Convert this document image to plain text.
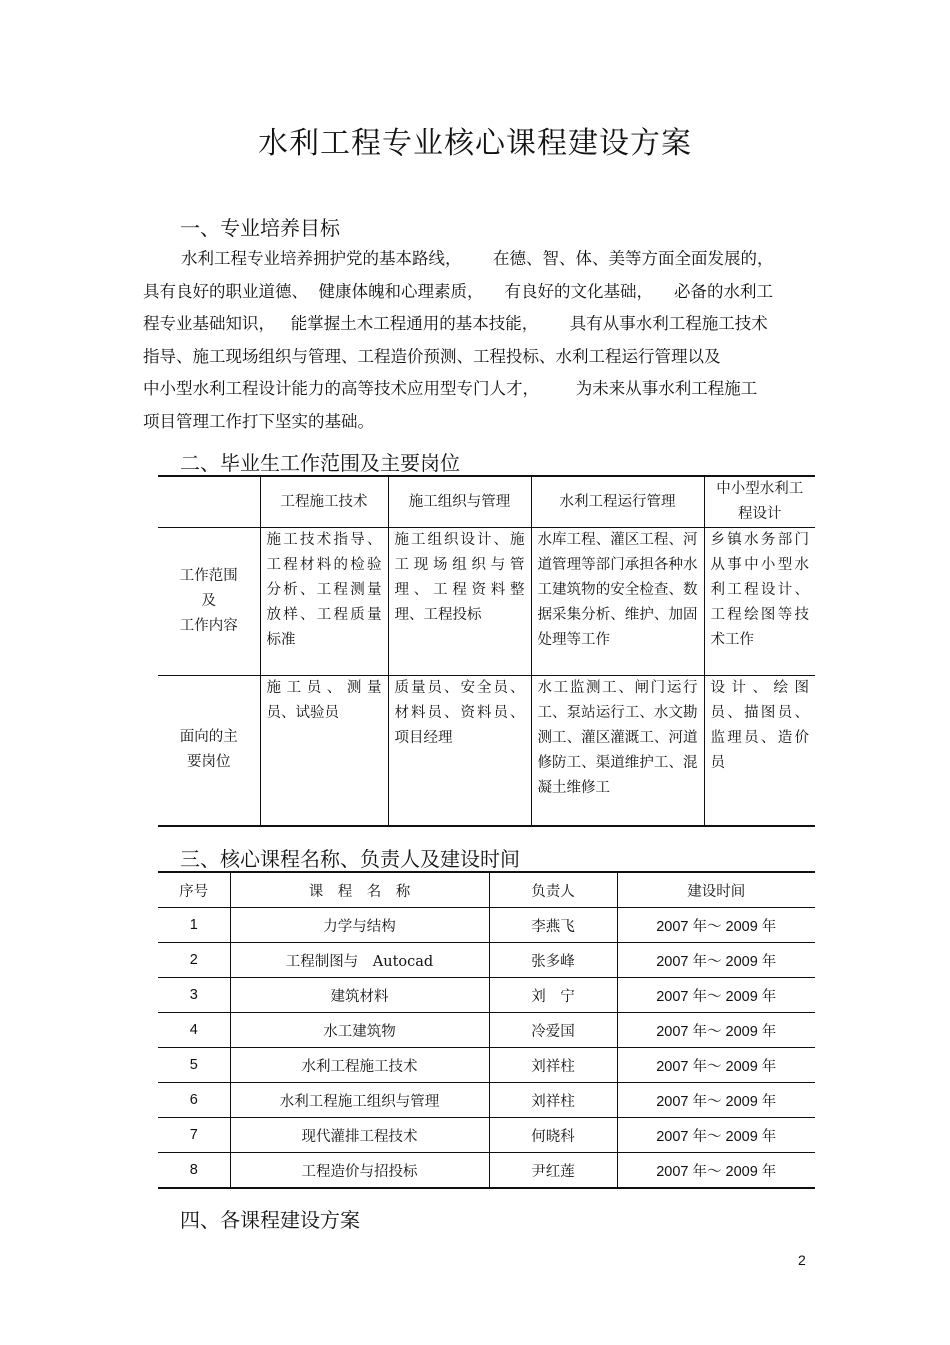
水利工程专业核心课程建设方案
一、专业培养目标
水利工程专业培养拥护党的基本路线，      在德、智、体、美等方面全面发展的，
具有良好的职业道德、  健康体魄和心理素质，    有良好的文化基础，    必备的水利工
程专业基础知识，   能掌握土木工程通用的基本技能，      具有从事水利工程施工技术
指导、施工现场组织与管理、工程造价预测、工程投标、水利工程运行管理以及
中小型水利工程设计能力的高等技术应用型专门人才，       为未来从事水利工程施工
项目管理工作打下坚实的基础。
二、毕业生工作范围及主要岗位
	工程施工技术	施工组织与管理	水利工程运行管理	中小型水利工程设计
工作范围
及
工作内容	施工技术指导、工程材料的检验分析、工程测量放样、工程质量标准	施工组织设计、施工现场组织与管理、工程资料整理、工程投标	水库工程、灌区工程、河道管理等部门承担各种水工建筑物的安全检查、数据采集分析、维护、加固处理等工作	乡镇水务部门从事中小型水利工程设计、工程绘图等技术工作
面向的主
要岗位	施工员、测量员、试验员	质量员、安全员、材料员、资料员、项目经理	水工监测工、闸门运行工、泵站运行工、水文勘测工、灌区灌溉工、河道修防工、渠道维护工、混凝土维修工	设计、绘图员、描图员、监理员、造价员
三、核心课程名称、负责人及建设时间
序号	课　程　名　称	负责人	建设时间
1	力学与结构	李燕飞	2007 年～ 2009 年
2	工程制图与　Autocad	张多峰	2007 年～ 2009 年
3	建筑材料	刘　宁	2007 年～ 2009 年
4	水工建筑物	冷爱国	2007 年～ 2009 年
5	水利工程施工技术	刘祥柱	2007 年～ 2009 年
6	水利工程施工组织与管理	刘祥柱	2007 年～ 2009 年
7	现代灌排工程技术	何晓科	2007 年～ 2009 年
8	工程造价与招投标	尹红莲	2007 年～ 2009 年
四、各课程建设方案
2
